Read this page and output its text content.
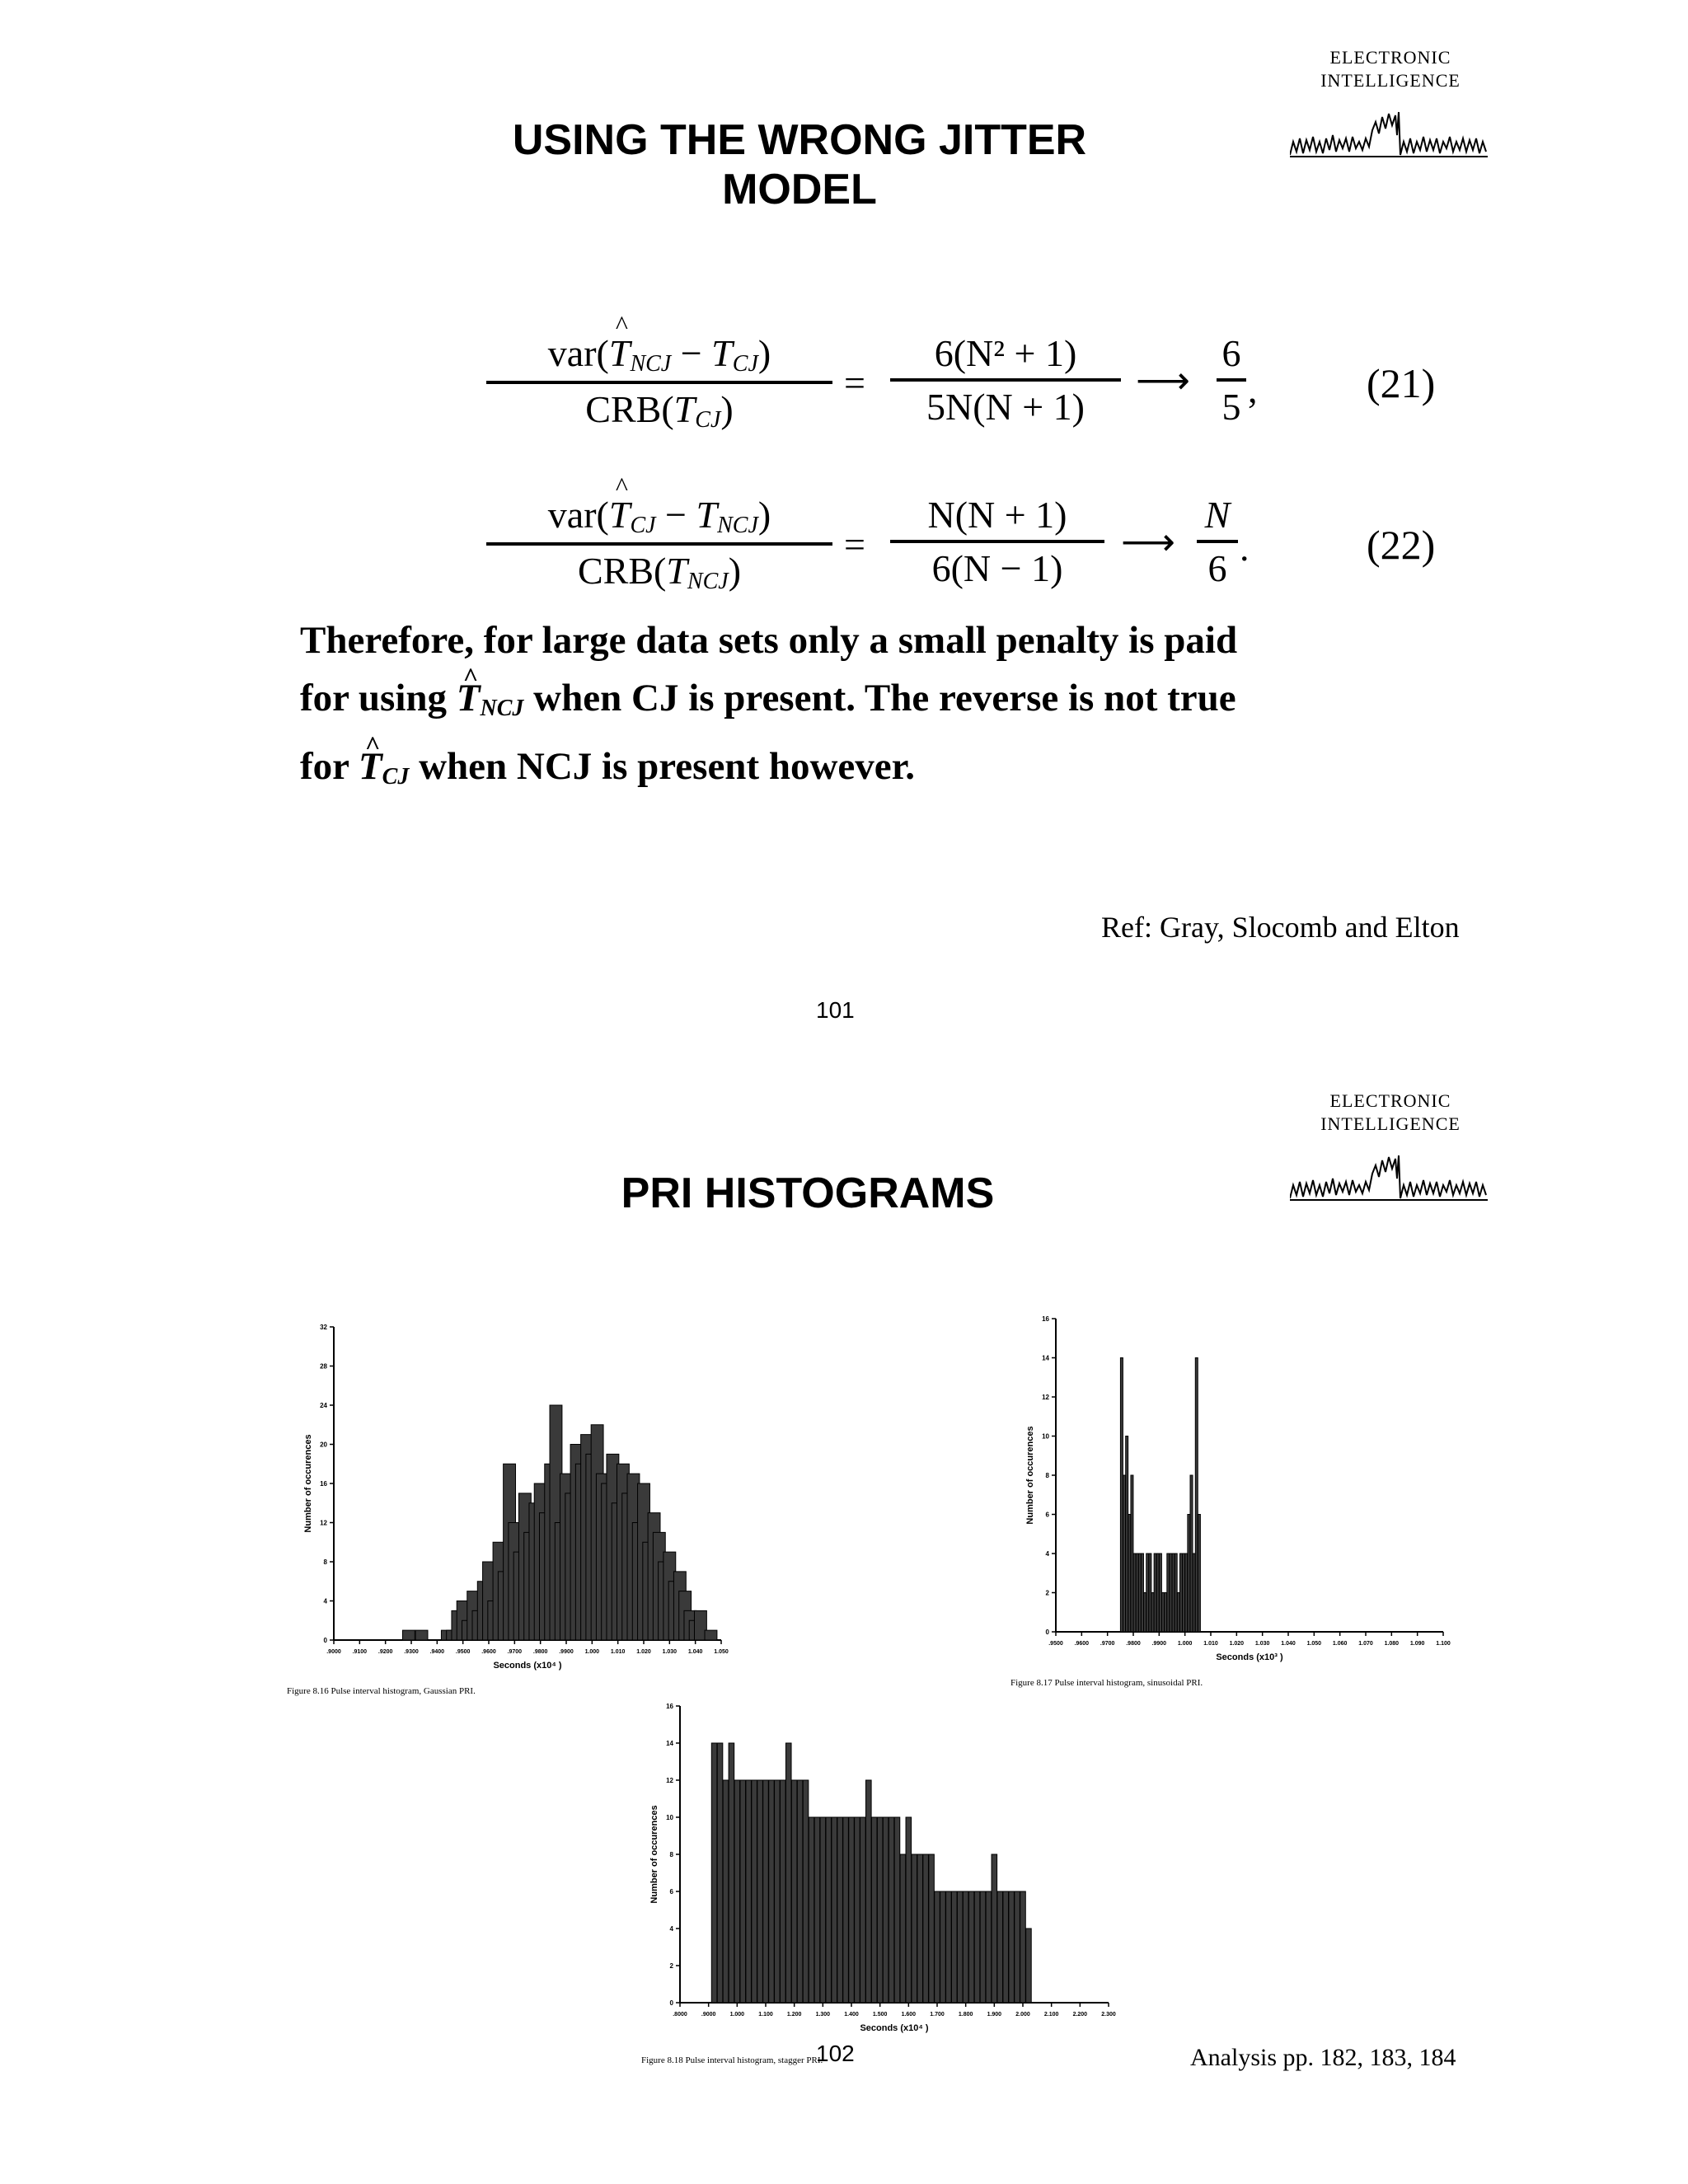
ELECTRONIC
INTELLIGENCE
USING THE WRONG JITTER
MODEL
var(^ $T_{NCJ} - T_{CJ}$)
$CRB(T_{CJ})$
=
6(N² + 1)
5N(N + 1)
⟶
6
5 ,	(21)
var(^ $T_{CJ} - T_{NCJ}$)
$CRB(T_{NCJ})$
=
N(N + 1)
6(N − 1)
⟶
N
6 .	(22)
Therefore, for large data sets only a small penalty is paid
for using ^ $T_{NCJ}$ when CJ is present. The reverse is not true
for ^ $T_{CJ}$ when NCJ is present however.
Ref: Gray, Slocomb and Elton
101
ELECTRONIC
INTELLIGENCE
PRI HISTOGRAMS
0
4
8
12
16
20
24
28
32
.9000 .9100 .9200 .9300 .9400 .9500 .9600 .9700 .9800 .9900 1.000 1.010 1.020 1.030 1.040 1.050
Seconds (x10⁴ )
Number of occurences
Figure 8.16 Pulse interval histogram, Gaussian PRI.
0
2
4
6
8
10
12
14
16
.9500 .9600 .9700 .9800 .9900 1.000 1.010 1.020 1.030 1.040 1.050 1.060 1.070 1.080 1.090 1.100
Seconds (x10³ )
Number of occurences
Figure 8.17 Pulse interval histogram, sinusoidal PRI.
0
2
4
6
8
10
12
14
16
.8000 .9000 1.000 1.100 1.200 1.300 1.400 1.500 1.600 1.700 1.800 1.900 2.000 2.100 2.200 2.300
Seconds (x10⁴ )
Number of occurences
Figure 8.18 Pulse interval histogram, stagger PRI.
102	Analysis pp. 182, 183, 184
